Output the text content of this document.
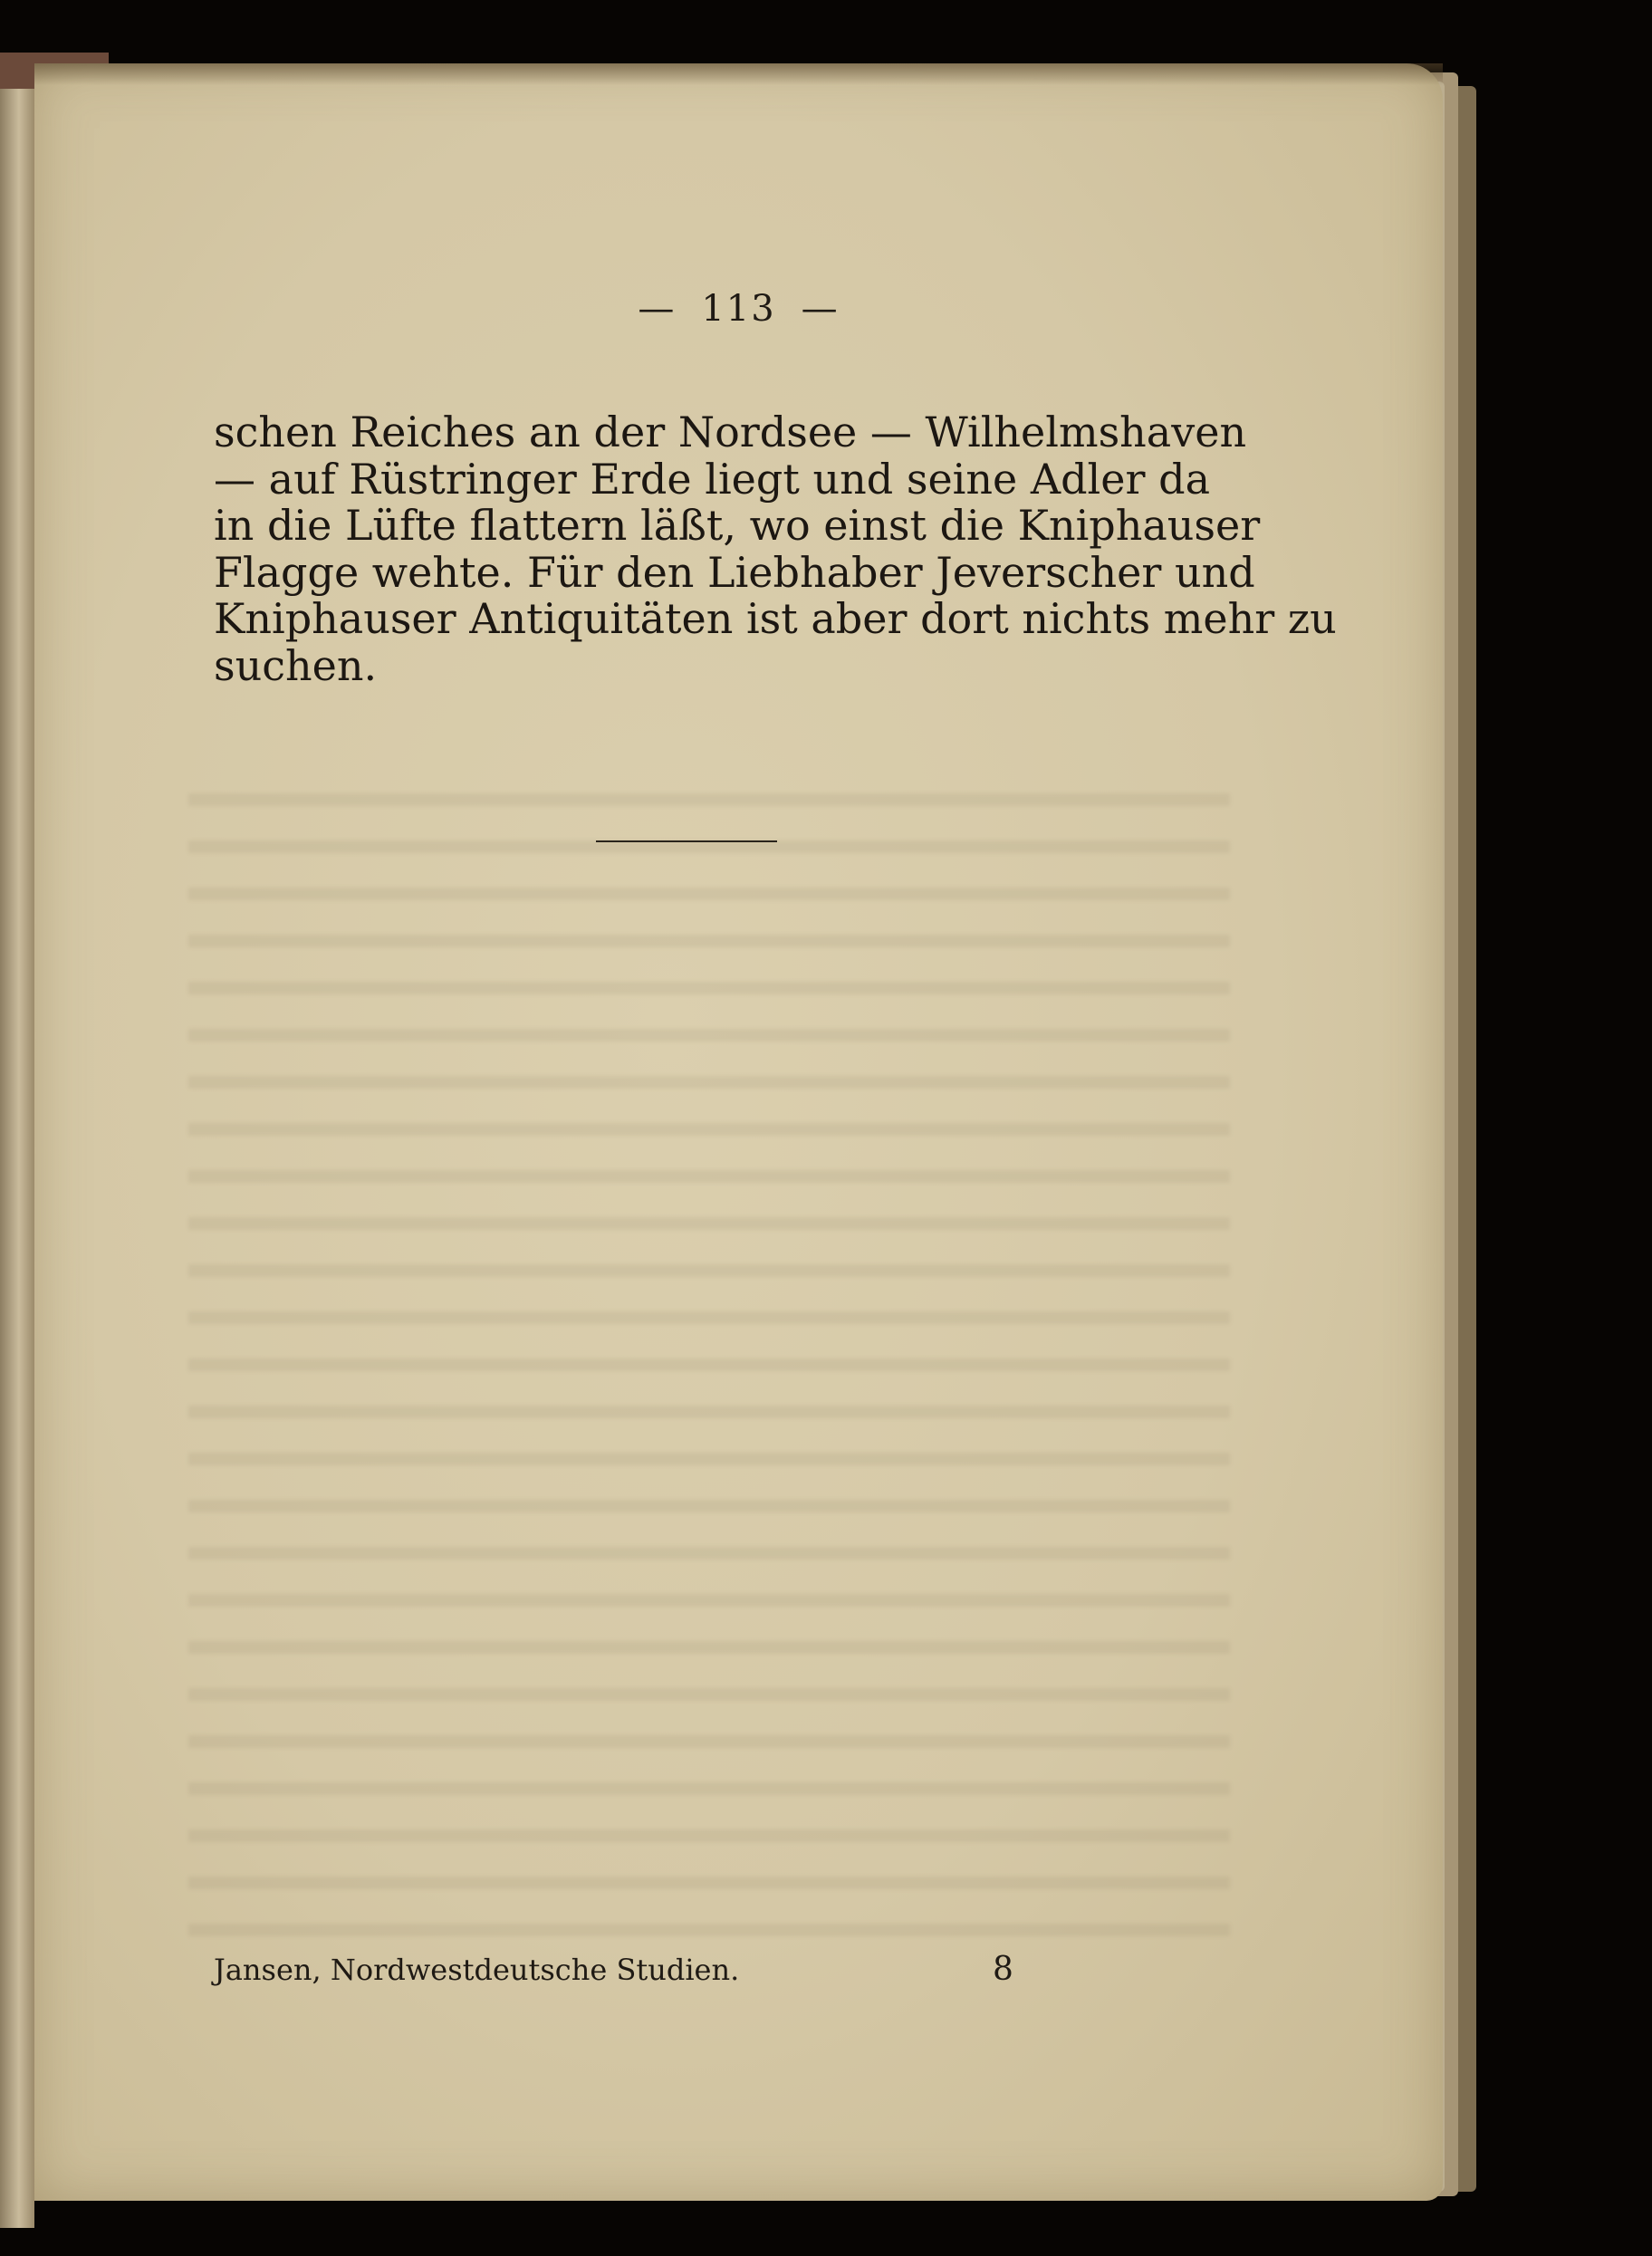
— 113 —
schen Reiches an der Nordsee — Wilhelmshaven
— auf Rüstringer Erde liegt und seine Adler da
in die Lüfte flattern läßt, wo einst die Kniphauser
Flagge wehte. Für den Liebhaber Jeverscher und
Kniphauser Antiquitäten ist aber dort nichts mehr zu
suchen.
Jansen, Nordwestdeutsche Studien.	8
